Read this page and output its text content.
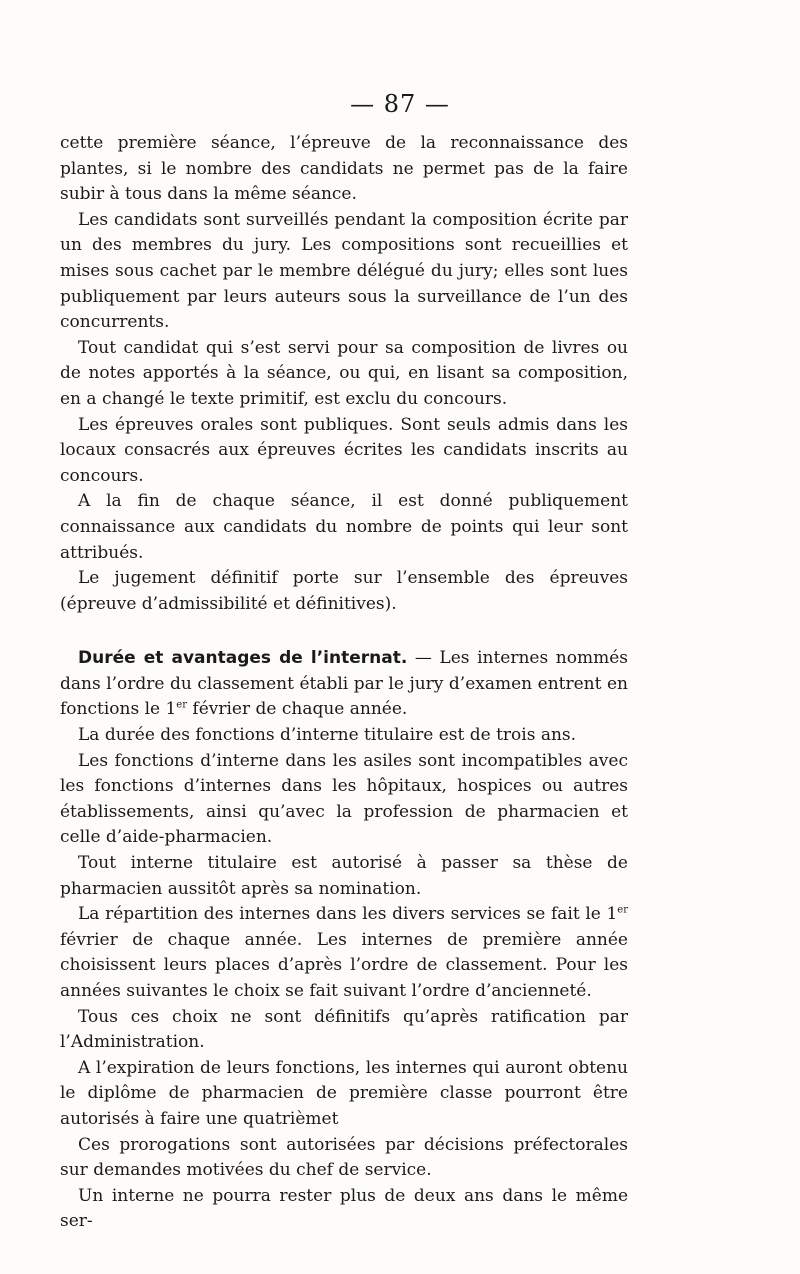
— 87 —

cette première séance, l’épreuve de la reconnaissance des plantes, si le nombre des candidats ne permet pas de la faire subir à tous dans la même séance.

Les candidats sont surveillés pendant la composition écrite par un des membres du jury. Les compositions sont recueillies et mises sous cachet par le membre délégué du jury; elles sont lues publiquement par leurs auteurs sous la surveillance de l’un des concurrents.

Tout candidat qui s’est servi pour sa composition de livres ou de notes apportés à la séance, ou qui, en lisant sa composition, en a changé le texte primitif, est exclu du concours.

Les épreuves orales sont publiques. Sont seuls admis dans les locaux consacrés aux épreuves écrites les candidats inscrits au concours.

A la fin de chaque séance, il est donné publiquement connaissance aux candidats du nombre de points qui leur sont attribués.

Le jugement définitif porte sur l’ensemble des épreuves (épreuve d’admissibilité et définitives).

Durée et avantages de l’internat. — Les internes nommés dans l’ordre du classement établi par le jury d’examen entrent en fonctions le 1er février de chaque année.

La durée des fonctions d’interne titulaire est de trois ans.

Les fonctions d’interne dans les asiles sont incompatibles avec les fonctions d’internes dans les hôpitaux, hospices ou autres établissements, ainsi qu’avec la profession de pharmacien et celle d’aide-pharmacien.

Tout interne titulaire est autorisé à passer sa thèse de pharmacien aussitôt après sa nomination.

La répartition des internes dans les divers services se fait le 1er février de chaque année. Les internes de première année choisissent leurs places d’après l’ordre de classement. Pour les années suivantes le choix se fait suivant l’ordre d’ancienneté.

Tous ces choix ne sont définitifs qu’après ratification par l’Administration.

A l’expiration de leurs fonctions, les internes qui auront obtenu le diplôme de pharmacien de première classe pourront être autorisés à faire une quatrièmet

Ces prorogations sont autorisées par décisions préfectorales sur demandes motivées du chef de service.

Un interne ne pourra rester plus de deux ans dans le même ser-
